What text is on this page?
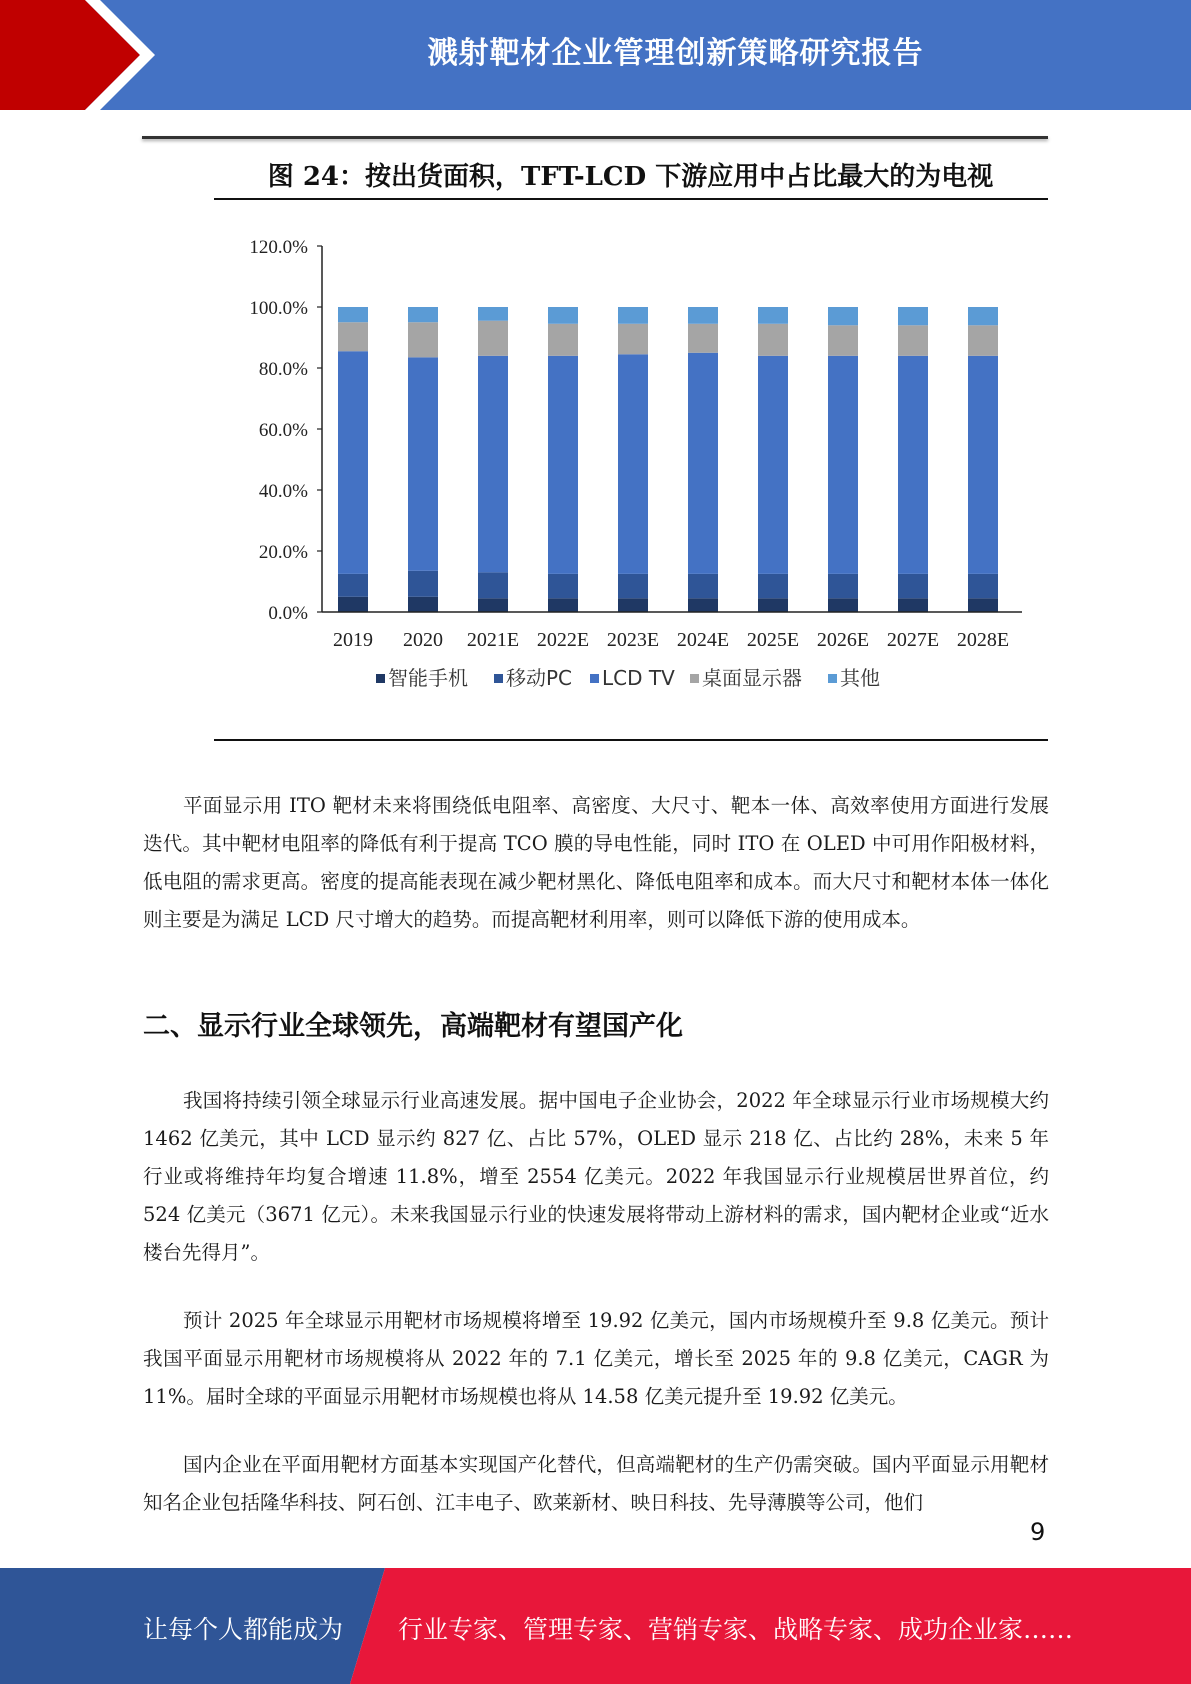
溅射靶材企业管理创新策略研究报告
图 24：按出货面积，TFT-LCD 下游应用中占比最大的为电视
0.0%
20.0%
40.0%
60.0%
80.0%
100.0%
120.0%
2019 2020 2021E 2022E 2023E 2024E 2025E 2026E 2027E 2028E
智能手机 移动PC LCD TV 桌面显示器 其他

平面显示用 ITO 靶材未来将围绕低电阻率、高密度、大尺寸、靶本一体、高效率使用方面进行发展迭代。其中靶材电阻率的降低有利于提高 TCO 膜的导电性能，同时 ITO 在 OLED 中可用作阳极材料，低电阻的需求更高。密度的提高能表现在减少靶材黑化、降低电阻率和成本。而大尺寸和靶材本体一体化则主要是为满足 LCD 尺寸增大的趋势。而提高靶材利用率，则可以降低下游的使用成本。

二、显示行业全球领先，高端靶材有望国产化

我国将持续引领全球显示行业高速发展。据中国电子企业协会，2022 年全球显示行业市场规模大约 1462 亿美元，其中 LCD 显示约 827 亿、占比 57%，OLED 显示 218 亿、占比约 28%，未来 5 年行业或将维持年均复合增速 11.8%，增至 2554 亿美元。2022 年我国显示行业规模居世界首位，约 524 亿美元（3671 亿元）。未来我国显示行业的快速发展将带动上游材料的需求，国内靶材企业或“近水楼台先得月”。

预计 2025 年全球显示用靶材市场规模将增至 19.92 亿美元，国内市场规模升至 9.8 亿美元。预计我国平面显示用靶材市场规模将从 2022 年的 7.1 亿美元，增长至 2025 年的 9.8 亿美元，CAGR 为 11%。届时全球的平面显示用靶材市场规模也将从 14.58 亿美元提升至 19.92 亿美元。

国内企业在平面用靶材方面基本实现国产化替代，但高端靶材的生产仍需突破。国内平面显示用靶材知名企业包括隆华科技、阿石创、江丰电子、欧莱新材、映日科技、先导薄膜等公司，他们

9
让每个人都能成为 行业专家、管理专家、营销专家、战略专家、成功企业家……
